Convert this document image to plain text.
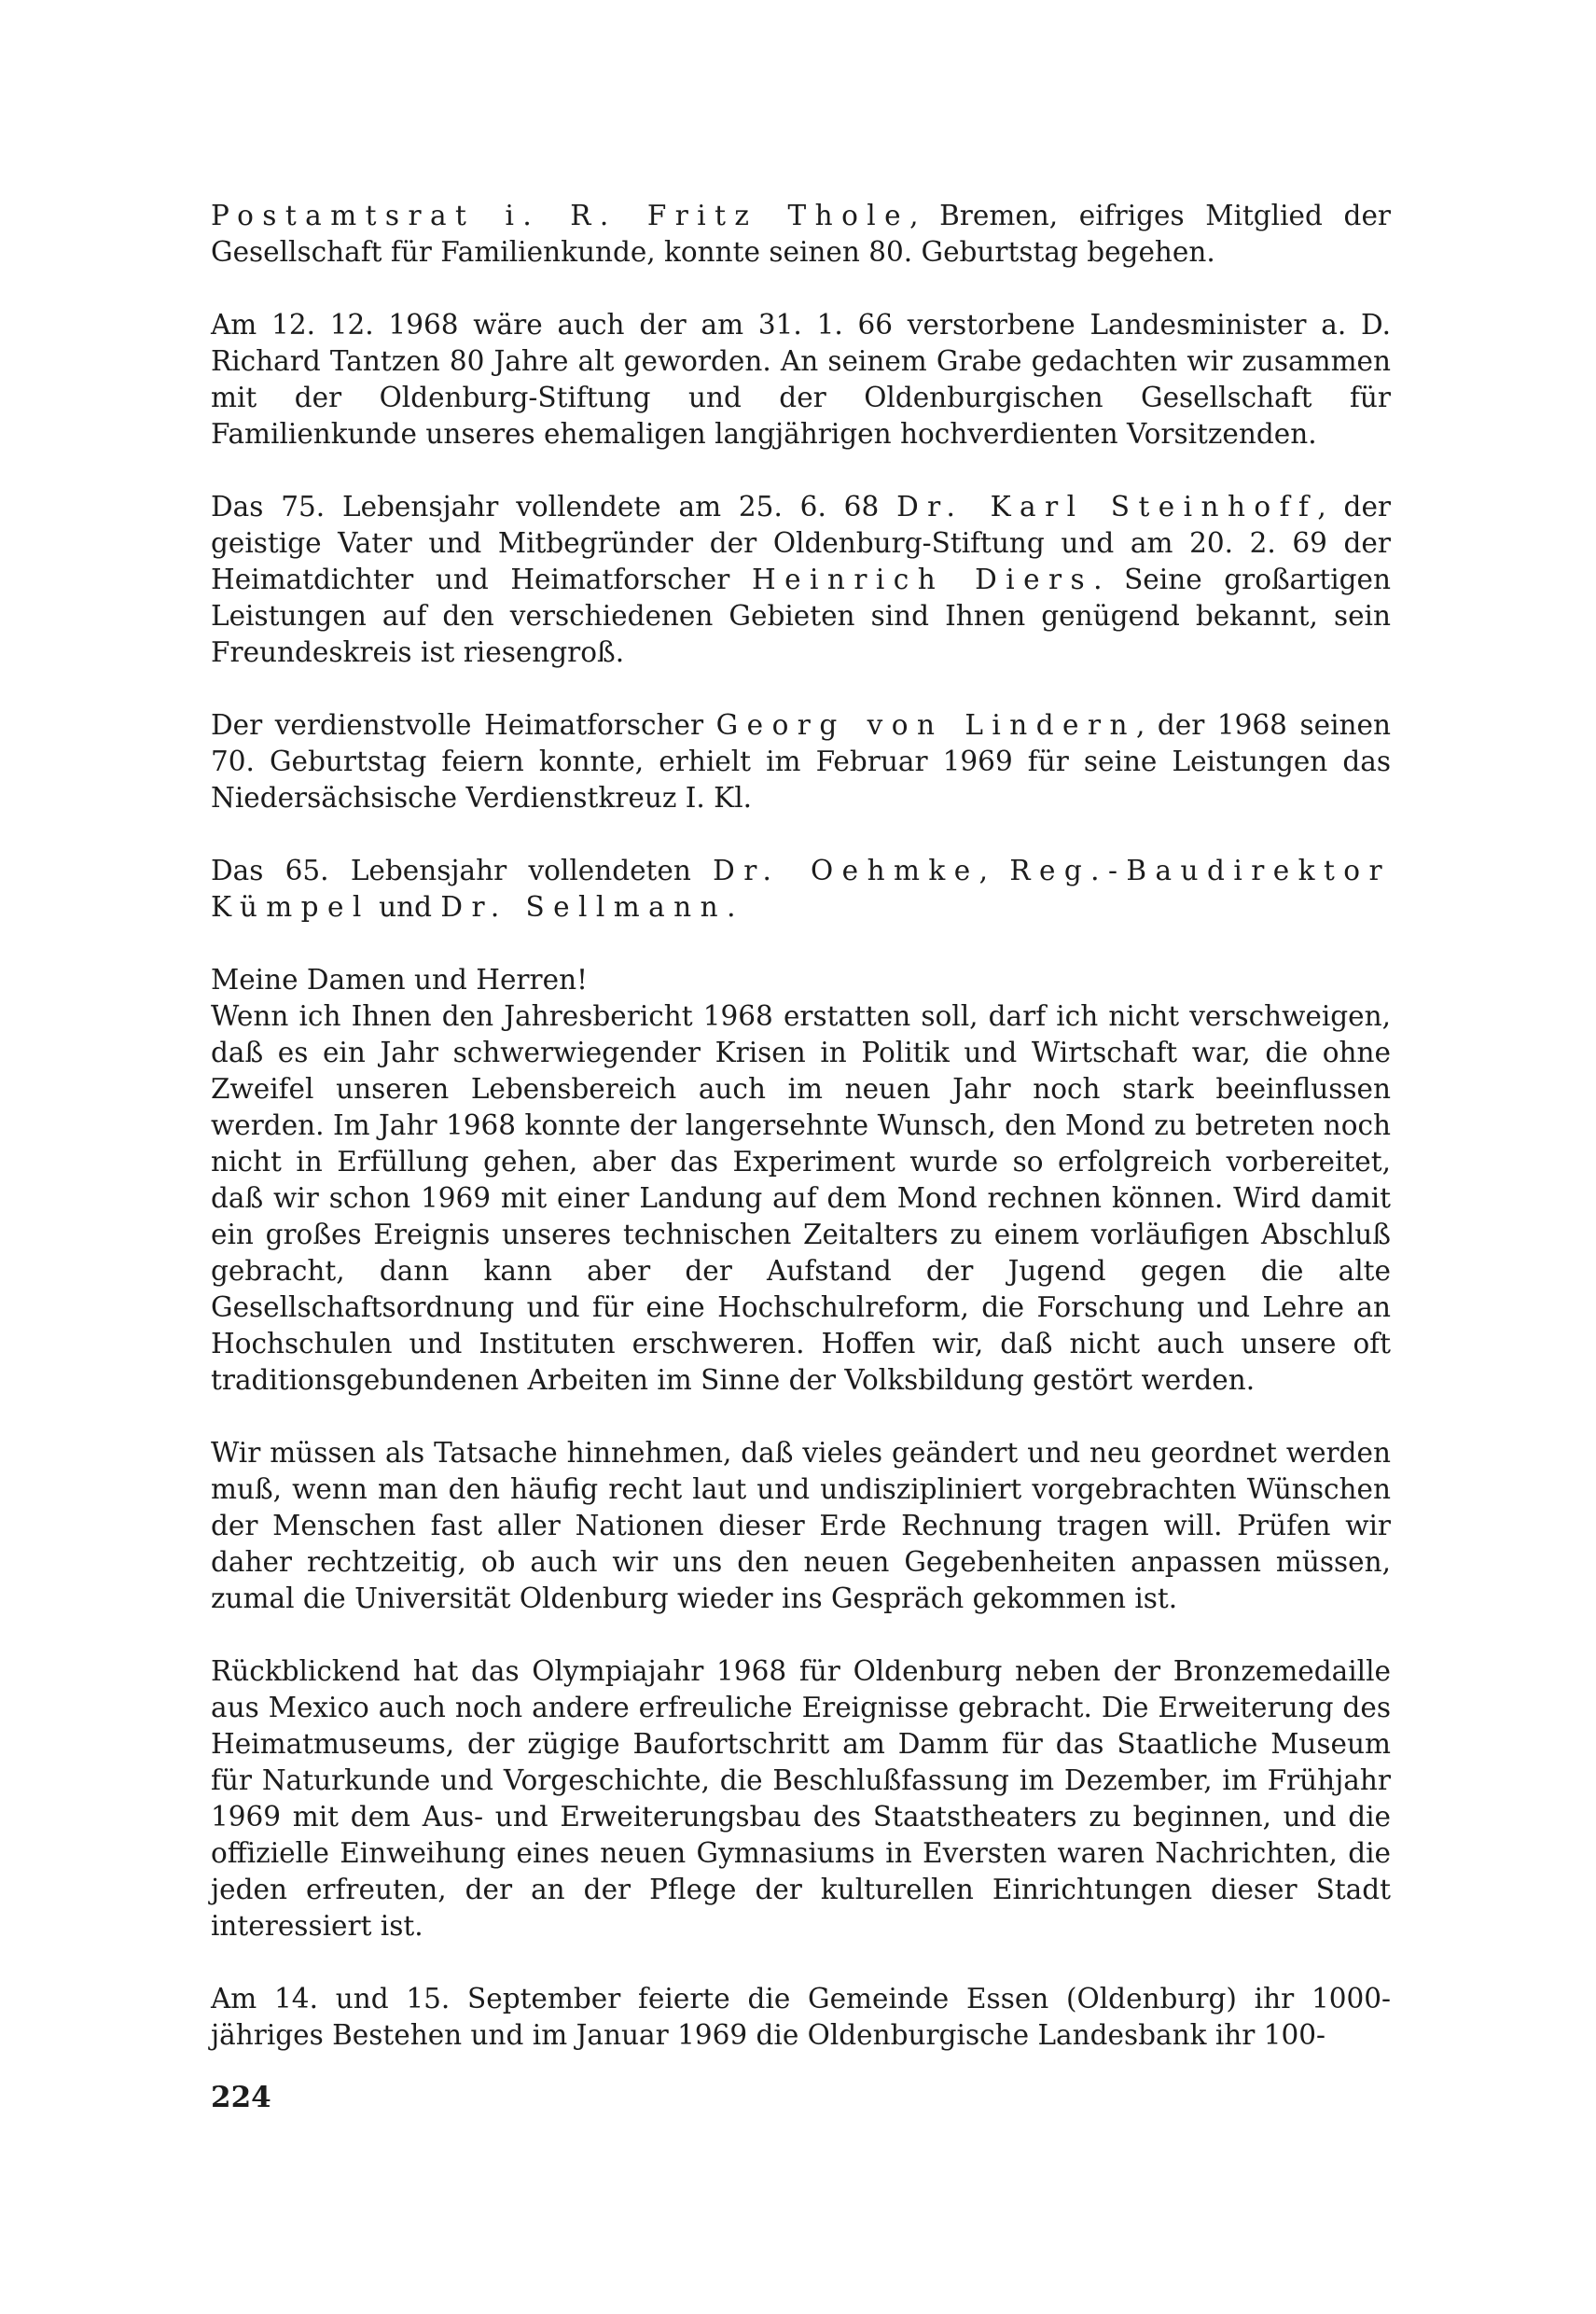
Postamtsrat i. R. Fritz Thole, Bremen, eifriges Mitglied der Gesellschaft für Familienkunde, konnte seinen 80. Geburtstag begehen.

Am 12. 12. 1968 wäre auch der am 31. 1. 66 verstorbene Landesminister a. D. Richard Tantzen 80 Jahre alt geworden. An seinem Grabe gedachten wir zusammen mit der Oldenburg-Stiftung und der Oldenburgischen Gesellschaft für Familienkunde unseres ehemaligen langjährigen hochverdienten Vorsitzenden.

Das 75. Lebensjahr vollendete am 25. 6. 68 Dr. Karl Steinhoff, der geistige Vater und Mitbegründer der Oldenburg-Stiftung und am 20. 2. 69 der Heimatdichter und Heimatforscher Heinrich Diers. Seine großartigen Leistungen auf den verschiedenen Gebieten sind Ihnen genügend bekannt, sein Freundeskreis ist riesengroß.

Der verdienstvolle Heimatforscher Georg von Lindern, der 1968 seinen 70. Geburtstag feiern konnte, erhielt im Februar 1969 für seine Leistungen das Niedersächsische Verdienstkreuz I. Kl.

Das 65. Lebensjahr vollendeten Dr. Oehmke, Reg.-Baudirektor Kümpel und Dr. Sellmann.

Meine Damen und Herren!

Wenn ich Ihnen den Jahresbericht 1968 erstatten soll, darf ich nicht verschweigen, daß es ein Jahr schwerwiegender Krisen in Politik und Wirtschaft war, die ohne Zweifel unseren Lebensbereich auch im neuen Jahr noch stark beeinflussen werden. Im Jahr 1968 konnte der langersehnte Wunsch, den Mond zu betreten noch nicht in Erfüllung gehen, aber das Experiment wurde so erfolgreich vorbereitet, daß wir schon 1969 mit einer Landung auf dem Mond rechnen können. Wird damit ein großes Ereignis unseres technischen Zeitalters zu einem vorläufigen Abschluß gebracht, dann kann aber der Aufstand der Jugend gegen die alte Gesellschaftsordnung und für eine Hochschulreform, die Forschung und Lehre an Hochschulen und Instituten erschweren. Hoffen wir, daß nicht auch unsere oft traditionsgebundenen Arbeiten im Sinne der Volksbildung gestört werden.

Wir müssen als Tatsache hinnehmen, daß vieles geändert und neu geordnet werden muß, wenn man den häufig recht laut und undiszipliniert vorgebrachten Wünschen der Menschen fast aller Nationen dieser Erde Rechnung tragen will. Prüfen wir daher rechtzeitig, ob auch wir uns den neuen Gegebenheiten anpassen müssen, zumal die Universität Oldenburg wieder ins Gespräch gekommen ist.

Rückblickend hat das Olympiajahr 1968 für Oldenburg neben der Bronzemedaille aus Mexico auch noch andere erfreuliche Ereignisse gebracht. Die Erweiterung des Heimatmuseums, der zügige Baufortschritt am Damm für das Staatliche Museum für Naturkunde und Vorgeschichte, die Beschlußfassung im Dezember, im Frühjahr 1969 mit dem Aus- und Erweiterungsbau des Staatstheaters zu beginnen, und die offizielle Einweihung eines neuen Gymnasiums in Eversten waren Nachrichten, die jeden erfreuten, der an der Pflege der kulturellen Einrichtungen dieser Stadt interessiert ist.

Am 14. und 15. September feierte die Gemeinde Essen (Oldenburg) ihr 1000-jähriges Bestehen und im Januar 1969 die Oldenburgische Landesbank ihr 100-

224
